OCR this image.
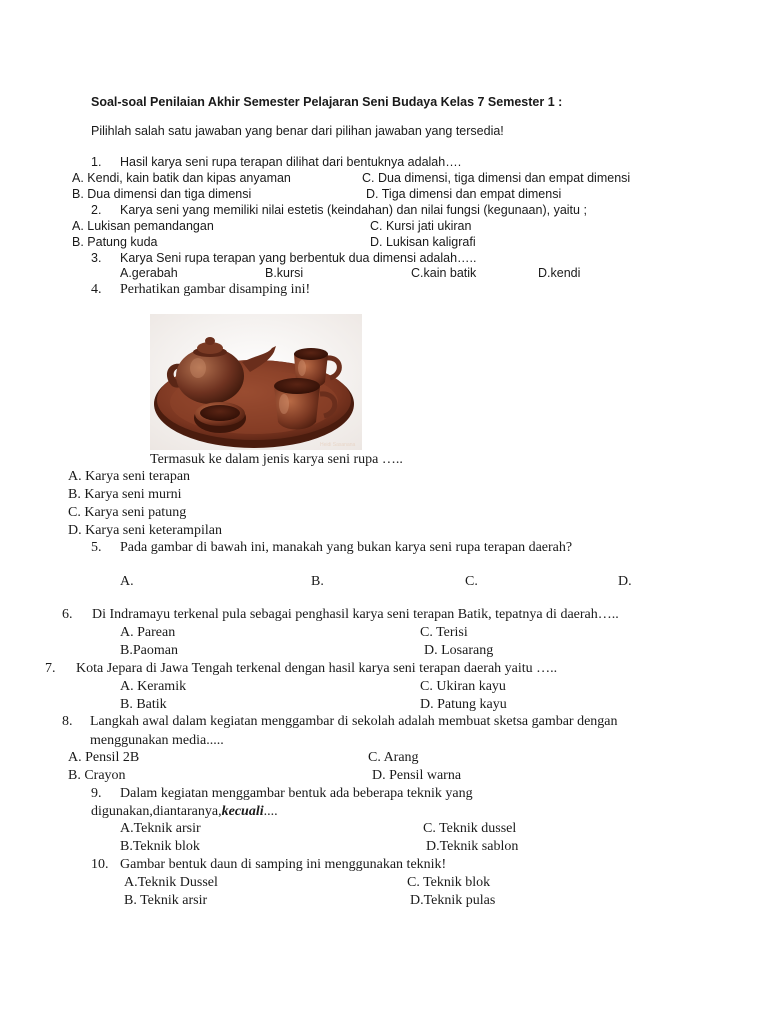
Soal-soal Penilaian Akhir Semester Pelajaran Seni Budaya Kelas 7 Semester 1 :
Pilihlah salah satu jawaban yang benar dari pilihan jawaban yang tersedia!
1. Hasil karya seni rupa terapan dilihat dari bentuknya adalah….
A. Kendi, kain batik dan kipas anyaman	C. Dua dimensi, tiga dimensi dan empat dimensi
B. Dua dimensi dan tiga dimensi	D. Tiga dimensi dan empat dimensi
2. Karya seni yang memiliki nilai estetis (keindahan) dan nilai fungsi (kegunaan), yaitu ;
A. Lukisan pemandangan	C. Kursi jati ukiran
B. Patung kuda	D. Lukisan kaligrafi
3. Karya Seni rupa terapan yang berbentuk dua dimensi adalah…..
A.gerabah	B.kursi	C.kain batik	D.kendi
4. Perhatikan gambar disamping ini!
Heidi Sasanana
Termasuk ke dalam jenis karya seni rupa …..
A. Karya seni terapan
B. Karya seni murni
C. Karya seni patung
D. Karya seni keterampilan
5. Pada gambar di bawah ini, manakah yang bukan karya seni rupa terapan daerah?
A.	B.	C.	D.
6. Di Indramayu terkenal pula sebagai penghasil karya seni terapan Batik, tepatnya di daerah…..
A. Parean	C. Terisi
B.Paoman	D. Losarang
7. Kota Jepara di Jawa Tengah terkenal dengan hasil karya seni terapan daerah yaitu …..
A. Keramik	C. Ukiran kayu
B. Batik	D. Patung kayu
8. Langkah awal dalam kegiatan menggambar di sekolah adalah membuat sketsa gambar dengan
menggunakan media.....
A. Pensil 2B	C. Arang
B. Crayon	D. Pensil warna
9. Dalam kegiatan menggambar bentuk ada beberapa teknik yang
digunakan,diantaranya,kecuali....
A.Teknik arsir	C. Teknik dussel
B.Teknik blok	D.Teknik sablon
10. Gambar bentuk daun di samping ini menggunakan teknik!
A.Teknik Dussel	C. Teknik blok
B. Teknik arsir	D.Teknik pulas
